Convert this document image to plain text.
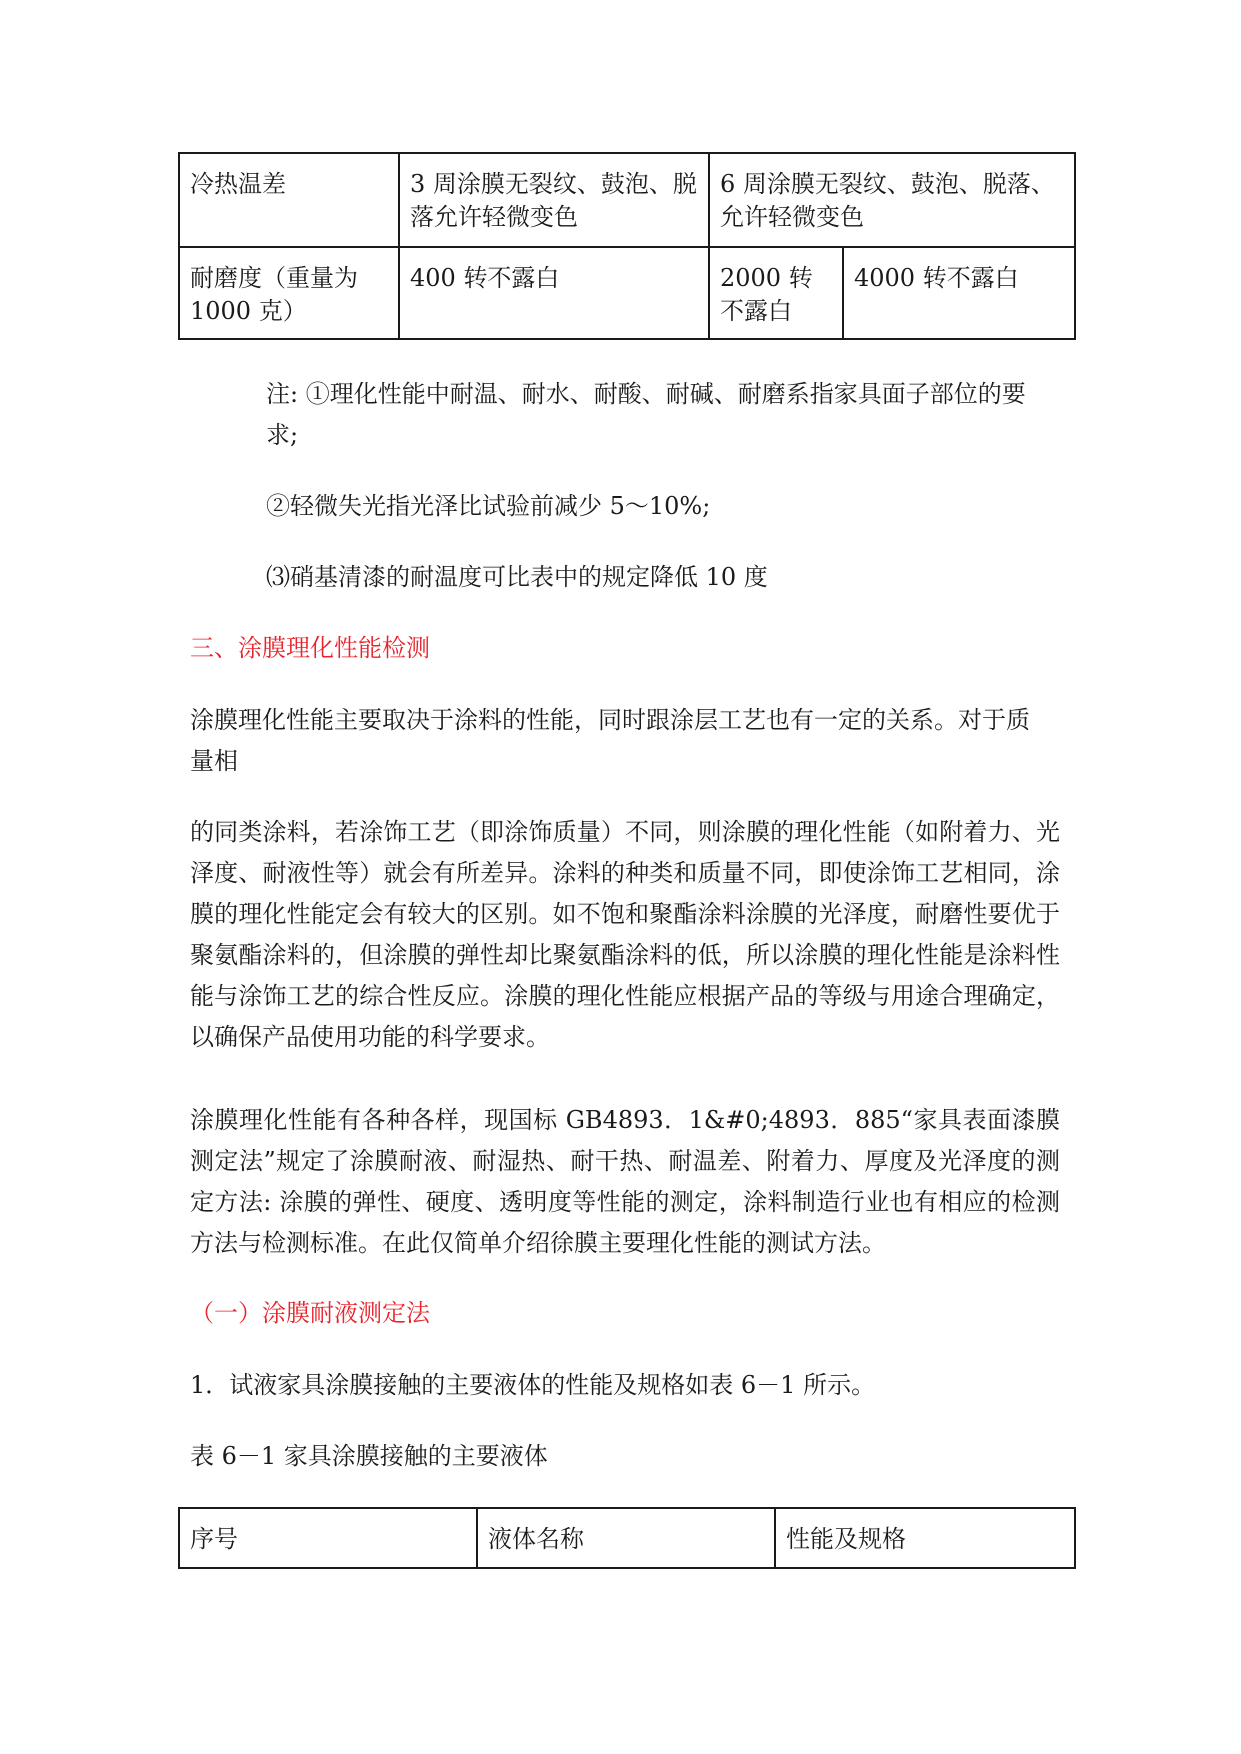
冷热温差	3 周涂膜无裂纹、鼓泡、脱落允许轻微变色	6 周涂膜无裂纹、鼓泡、脱落、允许轻微变色	
耐磨度（重量为 1000 克）	400 转不露白	2000 转不露白	4000 转不露白

注: ①理化性能中耐温、耐水、耐酸、耐碱、耐磨系指家具面子部位的要

求;

②轻微失光指光泽比试验前减少 5～10%;

⑶硝基清漆的耐温度可比表中的规定降低 10 度

三、涂膜理化性能检测

涂膜理化性能主要取决于涂料的性能，同时跟涂层工艺也有一定的关系。对于质

量相

的同类涂料，若涂饰工艺（即涂饰质量）不同，则涂膜的理化性能（如附着力、光泽度、耐液性等）就会有所差异。涂料的种类和质量不同，即使涂饰工艺相同，涂膜的理化性能定会有较大的区别。如不饱和聚酯涂料涂膜的光泽度，耐磨性要优于聚氨酯涂料的，但涂膜的弹性却比聚氨酯涂料的低，所以涂膜的理化性能是涂料性能与涂饰工艺的综合性反应。涂膜的理化性能应根据产品的等级与用途合理确定，以确保产品使用功能的科学要求。

涂膜理化性能有各种各样，现国标 GB4893．1&#0;4893．885“家具表面漆膜测定法”规定了涂膜耐液、耐湿热、耐干热、耐温差、附着力、厚度及光泽度的测定方法: 涂膜的弹性、硬度、透明度等性能的测定，涂料制造行业也有相应的检测方法与检测标准。在此仅简单介绍徐膜主要理化性能的测试方法。

（一）涂膜耐液测定法

1．试液家具涂膜接触的主要液体的性能及规格如表 6－1 所示。

表 6－1 家具涂膜接触的主要液体

序号	液体名称	性能及规格
